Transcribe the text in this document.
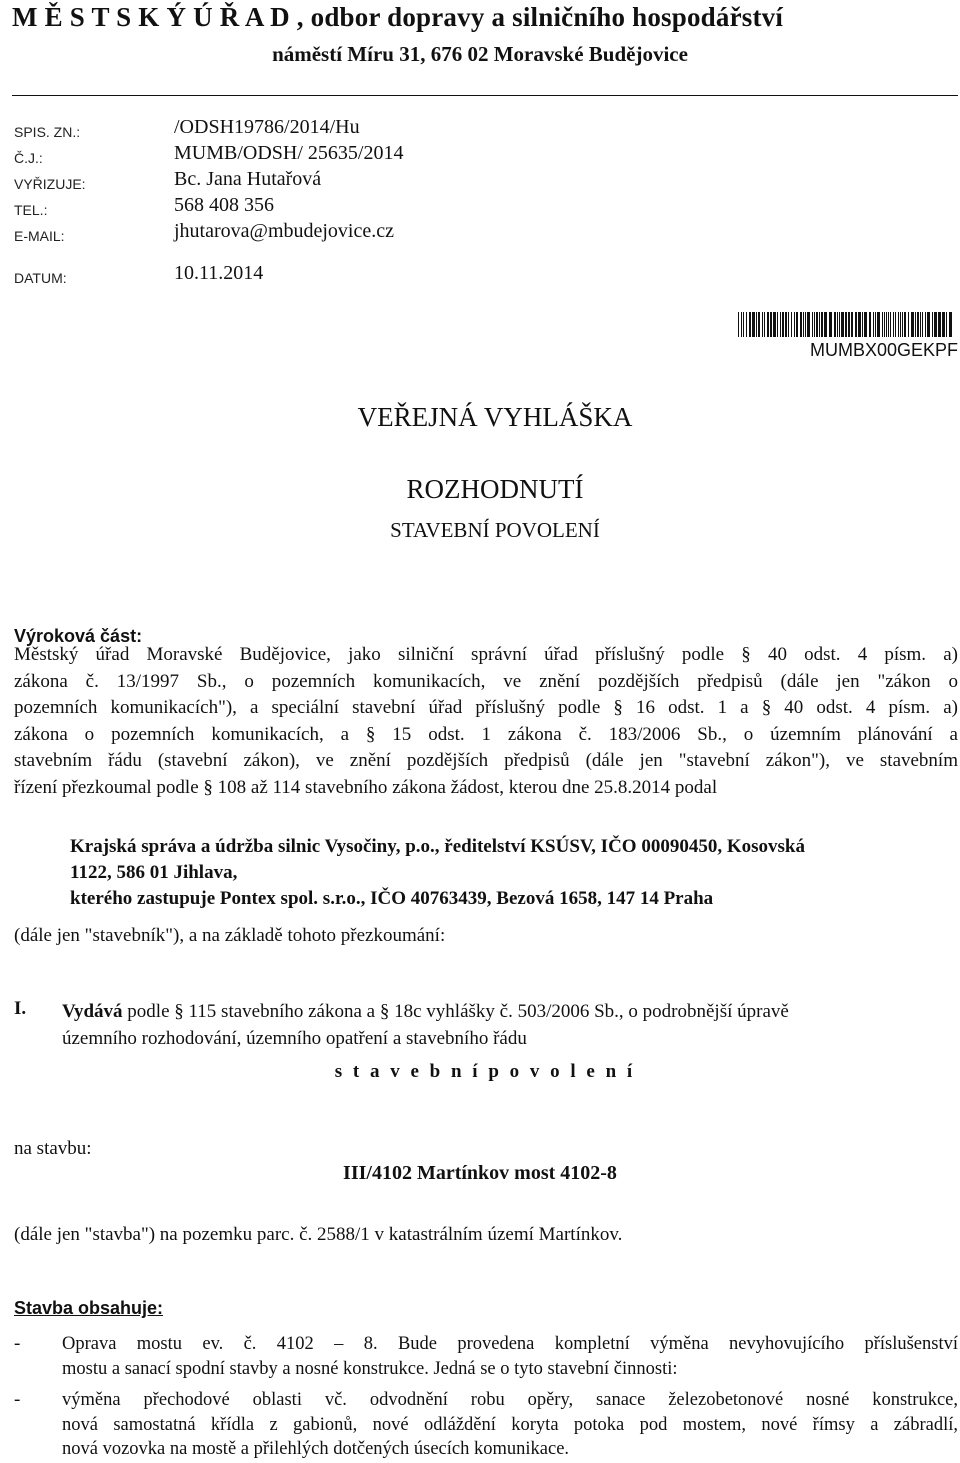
M Ě S T S K Ý Ú Ř A D , odbor dopravy a silničního hospodářství
náměstí Míru 31, 676 02 Moravské Budějovice
SPIS. ZN.:	/ODSH19786/2014/Hu
Č.J.:	MUMB/ODSH/ 25635/2014
VYŘIZUJE:	Bc. Jana Hutařová
TEL.:	568 408 356
E-MAIL:	jhutarova@mbudejovice.cz
DATUM:	10.11.2014
MUMBX00GEKPF
VEŘEJNÁ VYHLÁŠKA
ROZHODNUTÍ
STAVEBNÍ POVOLENÍ
Výroková část:
Městský úřad Moravské Budějovice, jako silniční správní úřad příslušný podle § 40 odst. 4 písm. a)
zákona č. 13/1997 Sb., o pozemních komunikacích, ve znění pozdějších předpisů (dále jen "zákon o
pozemních komunikacích"), a speciální stavební úřad příslušný podle § 16 odst. 1 a § 40 odst. 4 písm. a)
zákona o pozemních komunikacích, a § 15 odst. 1 zákona č. 183/2006 Sb., o územním plánování a
stavebním řádu (stavební zákon), ve znění pozdějších předpisů (dále jen "stavební zákon"), ve stavebním
řízení přezkoumal podle § 108 až 114 stavebního zákona žádost, kterou dne 25.8.2014 podal
Krajská správa a údržba silnic Vysočiny, p.o., ředitelství KSÚSV, IČO 00090450, Kosovská
1122, 586 01 Jihlava,
kterého zastupuje Pontex spol. s.r.o., IČO 40763439, Bezová 1658, 147 14 Praha
(dále jen "stavebník"), a na základě tohoto přezkoumání:
I. Vydává podle § 115 stavebního zákona a § 18c vyhlášky č. 503/2006 Sb., o podrobnější úpravě
územního rozhodování, územního opatření a stavebního řádu
s t a v e b n í p o v o l e n í
na stavbu:
III/4102 Martínkov most 4102-8
(dále jen "stavba") na pozemku parc. č. 2588/1 v katastrálním území Martínkov.
Stavba obsahuje:
- Oprava mostu ev. č. 4102 – 8. Bude provedena kompletní výměna nevyhovujícího příslušenství
mostu a sanací spodní stavby a nosné konstrukce. Jedná se o tyto stavební činnosti:
- výměna přechodové oblasti vč. odvodnění robu opěry, sanace železobetonové nosné konstrukce,
nová samostatná křídla z gabionů, nové odláždění koryta potoka pod mostem, nové římsy a zábradlí,
nová vozovka na mostě a přilehlých dotčených úsecích komunikace.
